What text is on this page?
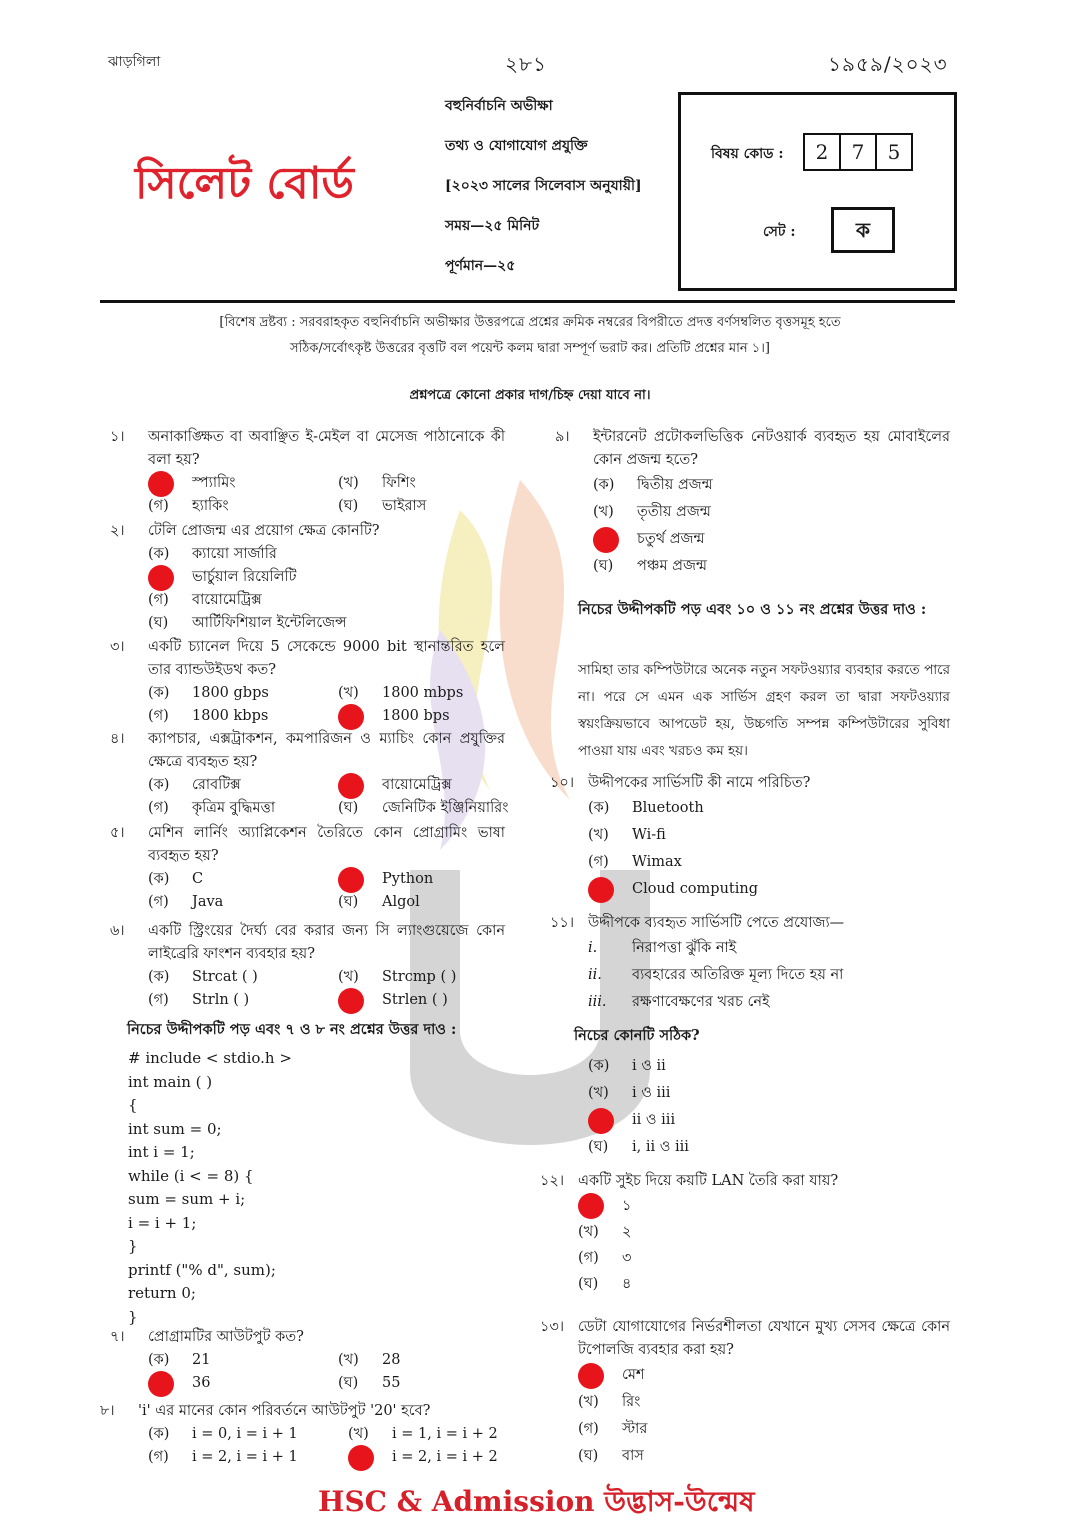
ঝাড়গিলা	২৮১	১৯৫৯/২০২৩
সিলেট বোর্ড
বহুনির্বাচনি অভীক্ষা
তথ্য ও যোগাযোগ প্রযুক্তি
[২০২৩ সালের সিলেবাস অনুযায়ী]
সময়—২৫ মিনিট
পূর্ণমান—২৫
বিষয় কোড :	2 7 5
সেট :	ক
[বিশেষ দ্রষ্টব্য : সরবরাহকৃত বহুনির্বাচনি অভীক্ষার উত্তরপত্রে প্রশ্নের ক্রমিক নম্বরের বিপরীতে প্রদত্ত বর্ণসম্বলিত বৃত্তসমূহ হতে
সঠিক/সর্বোৎকৃষ্ট উত্তরের বৃত্তটি বল পয়েন্ট কলম দ্বারা সম্পূর্ণ ভরাট কর। প্রতিটি প্রশ্নের মান ১।]
প্রশ্নপত্রে কোনো প্রকার দাগ/চিহ্ন দেয়া যাবে না।
১।	অনাকাঙ্ক্ষিত বা অবাঞ্ছিত ই-মেইল বা মেসেজ পাঠানোকে কী বলা হয়?
স্প্যামিং	(খ)	ফিশিং
(গ)	হ্যাকিং	(ঘ)	ভাইরাস
২।	টেলি প্রোজন্ম এর প্রয়োগ ক্ষেত্র কোনটি?
(ক)	ক্যায়ো সার্জারি
ভার্চুয়াল রিয়েলিটি
(গ)	বায়োমেট্রিক্স
(ঘ)	আর্টিফিশিয়াল ইন্টেলিজেন্স
৩।	একটি চ্যানেল দিয়ে 5 সেকেন্ডে 9000 bit স্থানান্তরিত হলে তার ব্যান্ডউইডথ কত?
(ক)	1800 gbps	(খ)	1800 mbps
(গ)	1800 kbps	1800 bps
৪।	ক্যাপচার, এক্সট্রাকশন, কমপারিজন ও ম্যাচিং কোন প্রযুক্তির ক্ষেত্রে ব্যবহৃত হয়?
(ক)	রোবটিক্স	বায়োমেট্রিক্স
(গ)	কৃত্রিম বুদ্ধিমত্তা	(ঘ)	জেনিটিক ইঞ্জিনিয়ারিং
৫।	মেশিন লার্নিং অ্যাপ্লিকেশন তৈরিতে কোন প্রোগ্রামিং ভাষা ব্যবহৃত হয়?
(ক)	C	Python
(গ)	Java	(ঘ)	Algol
৬।	একটি স্ট্রিংয়ের দৈর্ঘ্য বের করার জন্য সি ল্যাংগুয়েজে কোন লাইব্রেরি ফাংশন ব্যবহার হয়?
(ক)	Strcat ( )	(খ)	Strcmp ( )
(গ)	Strln ( )	Strlen ( )
নিচের উদ্দীপকটি পড় এবং ৭ ও ৮ নং প্রশ্নের উত্তর দাও :
# include < stdio.h >
int main ( )
{
int sum = 0;
int i = 1;
while (i < = 8) {
sum = sum + i;
i = i + 1;
}
printf ("% d", sum);
return 0;
}
৭।	প্রোগ্রামটির আউটপুট কত?
(ক)	21	(খ)	28
36	(ঘ)	55
৮।	'i' এর মানের কোন পরিবর্তনে আউটপুট '20' হবে?
(ক)	i = 0, i = i + 1	(খ)	i = 1, i = i + 2
(গ)	i = 2, i = i + 1	i = 2, i = i + 2
৯।	ইন্টারনেট প্রটোকলভিত্তিক নেটওয়ার্ক ব্যবহৃত হয় মোবাইলের কোন প্রজন্ম হতে?
(ক)	দ্বিতীয় প্রজন্ম
(খ)	তৃতীয় প্রজন্ম
চতুর্থ প্রজন্ম
(ঘ)	পঞ্চম প্রজন্ম
নিচের উদ্দীপকটি পড় এবং ১০ ও ১১ নং প্রশ্নের উত্তর দাও :
সামিহা তার কম্পিউটারে অনেক নতুন সফটওয়্যার ব্যবহার করতে পারে না। পরে সে এমন এক সার্ভিস গ্রহণ করল তা দ্বারা সফটওয়্যার স্বয়ংক্রিয়ভাবে আপডেট হয়, উচ্চগতি সম্পন্ন কম্পিউটারের সুবিধা পাওয়া যায় এবং খরচও কম হয়।
১০। উদ্দীপকের সার্ভিসটি কী নামে পরিচিত?
(ক)	Bluetooth
(খ)	Wi-fi
(গ)	Wimax
Cloud computing
১১। উদ্দীপকে ব্যবহৃত সার্ভিসটি পেতে প্রযোজ্য—
i.	নিরাপত্তা ঝুঁকি নাই
ii.	ব্যবহারের অতিরিক্ত মূল্য দিতে হয় না
iii.	রক্ষণাবেক্ষণের খরচ নেই
নিচের কোনটি সঠিক?
(ক)	i ও ii
(খ)	i ও iii
ii ও iii
(ঘ)	i, ii ও iii
১২। একটি সুইচ দিয়ে কয়টি LAN তৈরি করা যায়?
১
(খ)	২
(গ)	৩
(ঘ)	৪
১৩। ডেটা যোগাযোগের নির্ভরশীলতা যেখানে মুখ্য সেসব ক্ষেত্রে কোন টপোলজি ব্যবহার করা হয়?
মেশ
(খ)	রিং
(গ)	স্টার
(ঘ)	বাস
HSC & Admission উদ্ভাস-উন্মেষ
